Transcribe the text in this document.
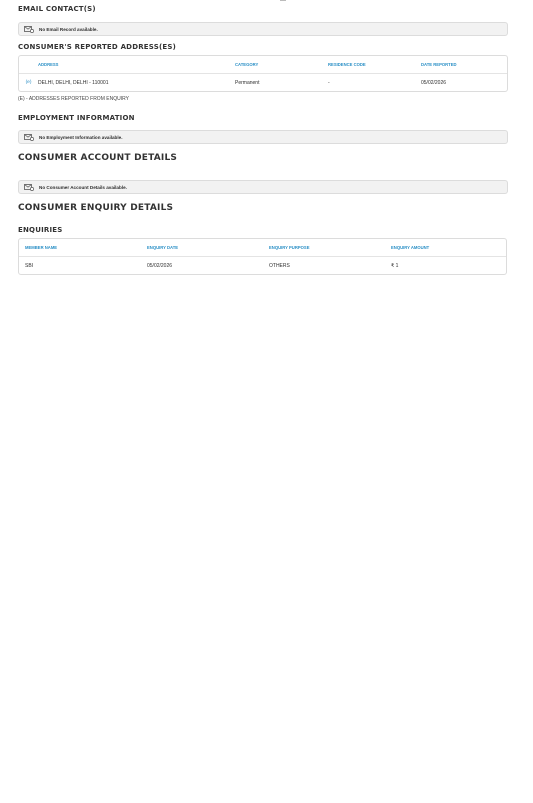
EMAIL CONTACT(S)
No Email Record available.
CONSUMER'S REPORTED ADDRESS(ES)
ADDRESS	CATEGORY	RESIDENCE CODE	DATE REPORTED
(e)	DELHI, DELHI, DELHI - 110001	Permanent	-	05/02/2026

(E) - ADDRESSES REPORTED FROM ENQUIRY

EMPLOYMENT INFORMATION
No Employment Information available.
CONSUMER ACCOUNT DETAILS
No Consumer Account Details available.
CONSUMER ENQUIRY DETAILS
ENQUIRIES
MEMBER NAME	ENQUIRY DATE	ENQUIRY PURPOSE	ENQUIRY AMOUNT
SBI	05/02/2026	OTHERS	₹ 1
